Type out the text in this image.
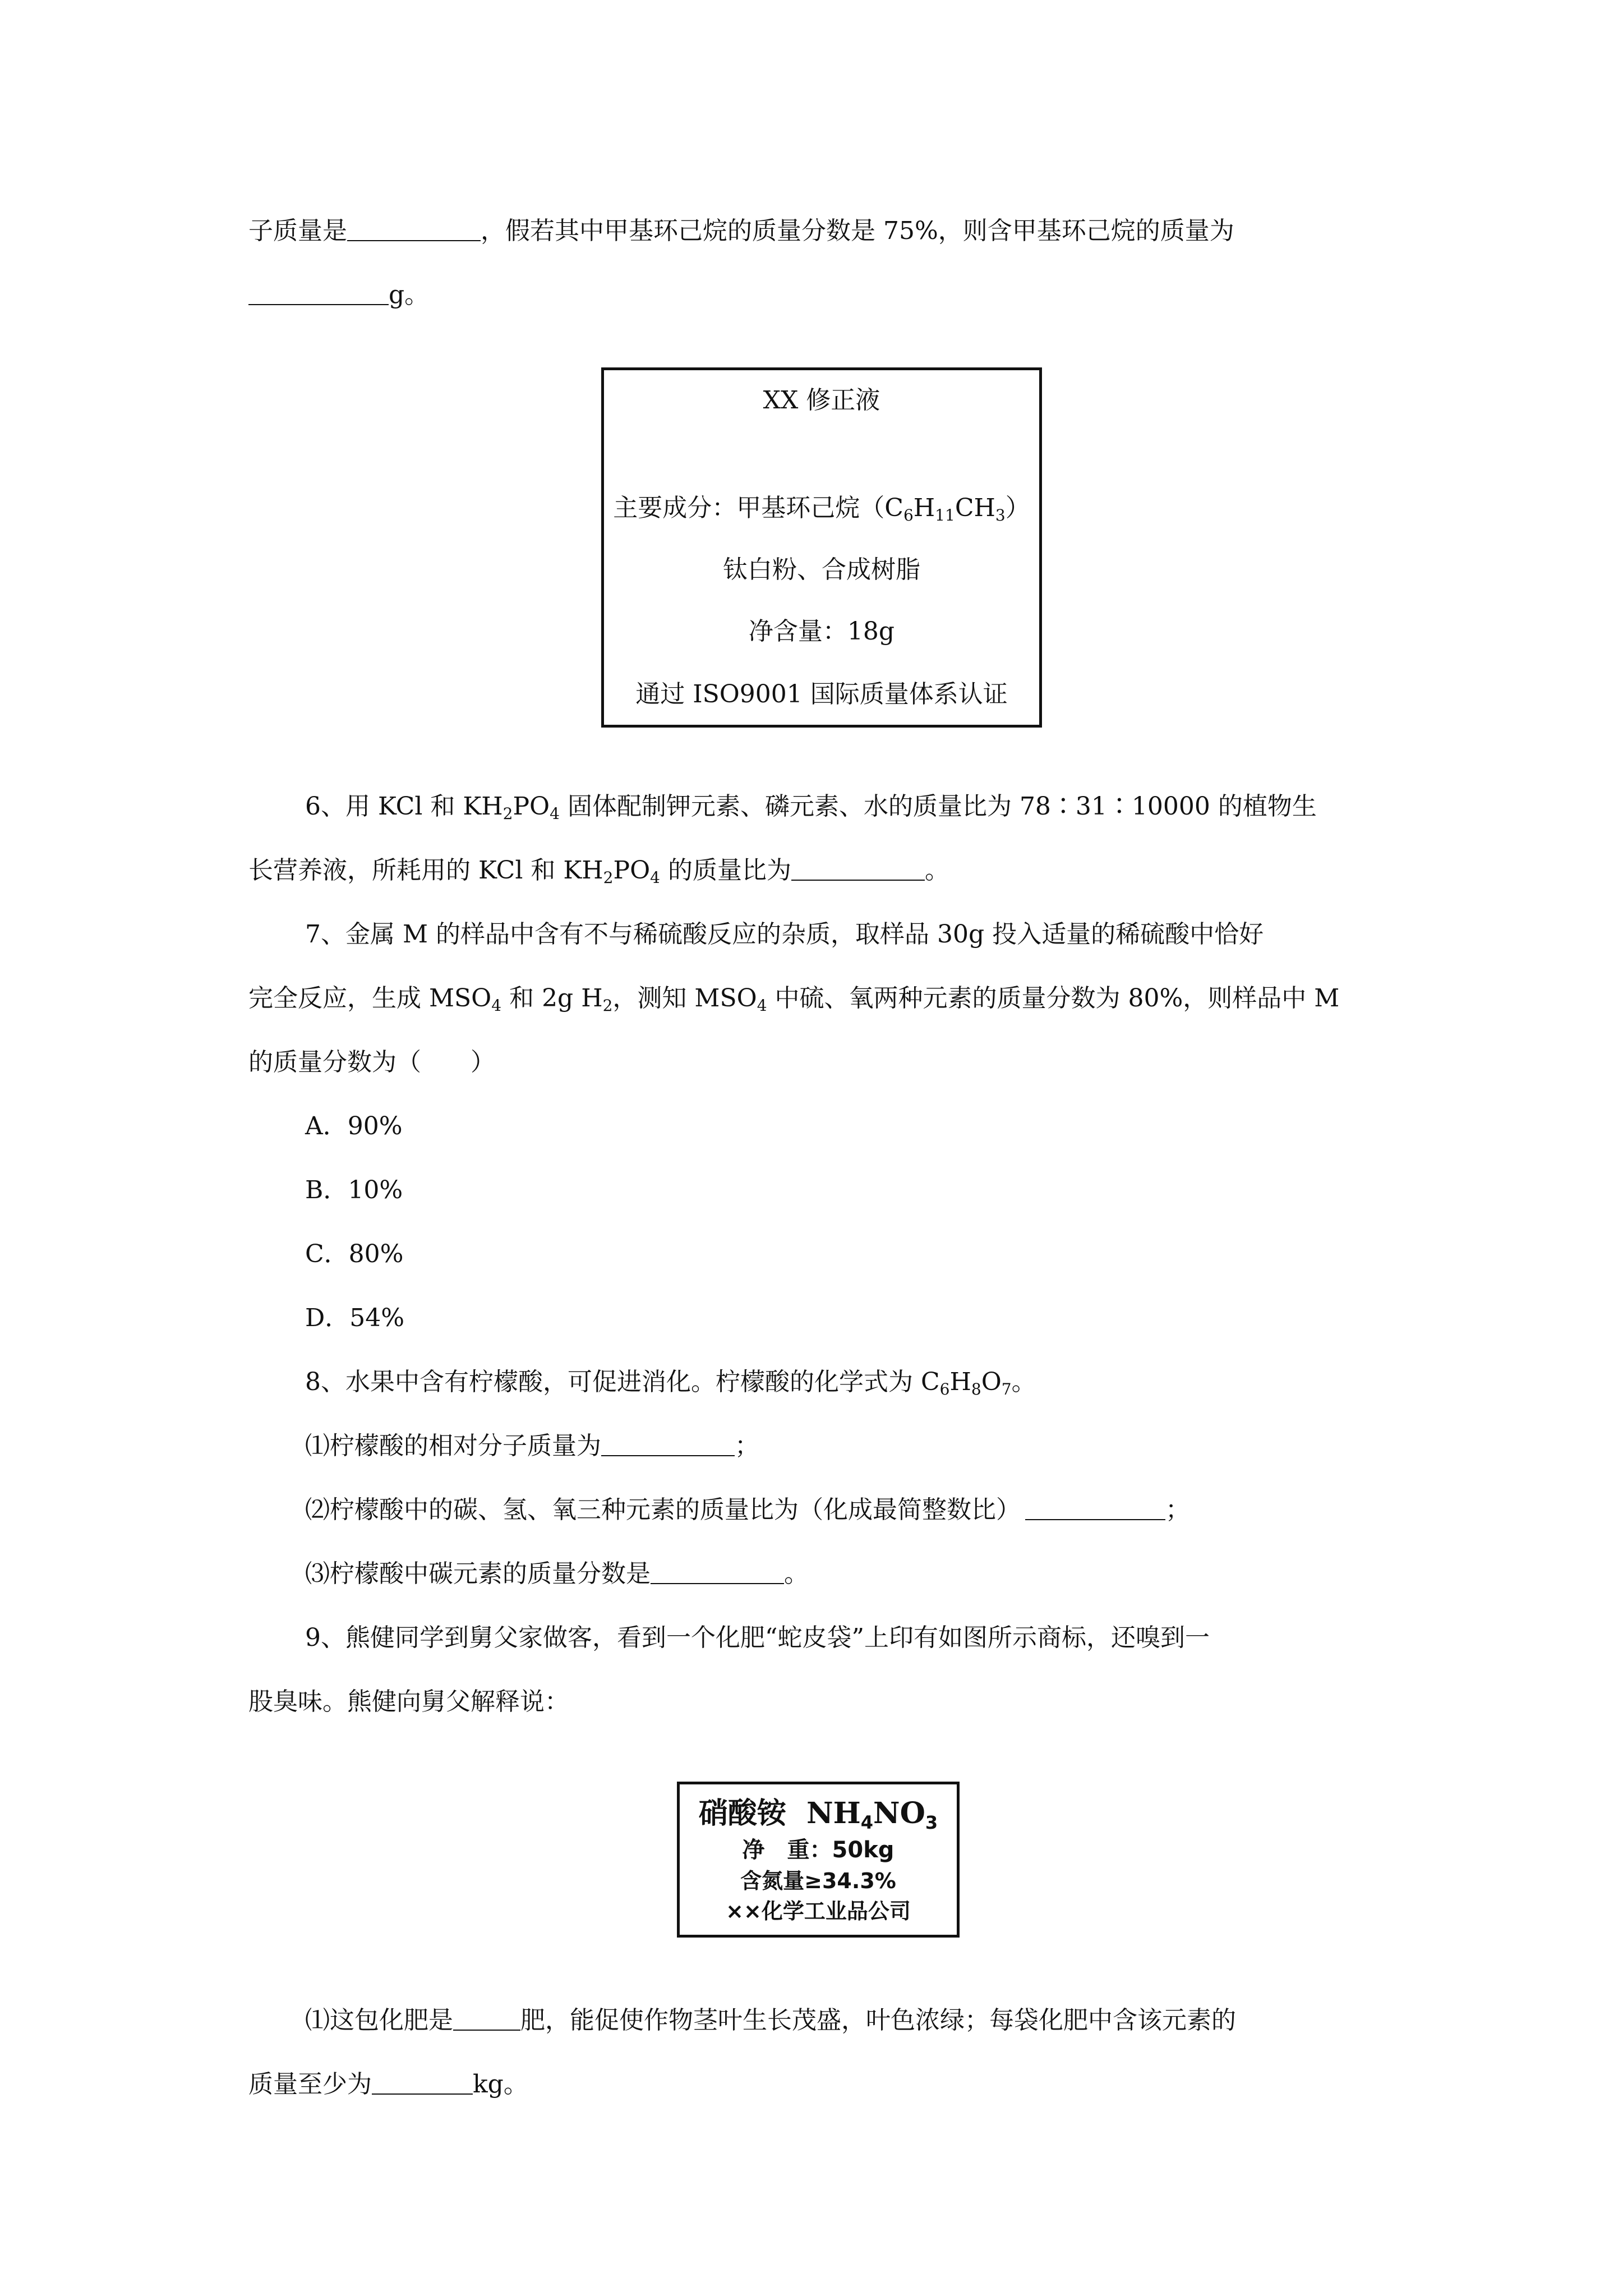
子质量是	，假若其中甲基环己烷的质量分数是 75%，则含甲基环己烷的质量为
g。
XX 修正液
主要成分：甲基环己烷$(C_6H_{11}CH_3)$
钛白粉、合成树脂
净含量：18g
通过 ISO9001 国际质量体系认证
6、用 KCl 和 $KH_2PO_4$ 固体配制钾元素、磷元素、水的质量比为 78∶31∶10000 的植物生
长营养液，所耗用的 KCl 和 $KH_2PO_4$ 的质量比为	。
7、金属 M 的样品中含有不与稀硫酸反应的杂质，取样品 30g 投入适量的稀硫酸中恰好
完全反应，生成 $MSO_4$ 和 2g $H_2$，测知 $MSO_4$ 中硫、氧两种元素的质量分数为 80%，则样品中 M
的质量分数为（　　）
A．90%
B．10%
C．80%
D．54%
8、水果中含有柠檬酸，可促进消化。柠檬酸的化学式为 $C_6H_8O_7$。
⑴柠檬酸的相对分子质量为	；
⑵柠檬酸中的碳、氢、氧三种元素的质量比为（化成最简整数比）	；
⑶柠檬酸中碳元素的质量分数是	。
9、熊健同学到舅父家做客，看到一个化肥“蛇皮袋”上印有如图所示商标，还嗅到一
股臭味。熊健向舅父解释说：
硝酸铵 $NH_4NO_3$
净　重：50kg
含氮量≥34.3%
××化学工业品公司
⑴这包化肥是	肥，能促使作物茎叶生长茂盛，叶色浓绿；每袋化肥中含该元素的
质量至少为	kg。
